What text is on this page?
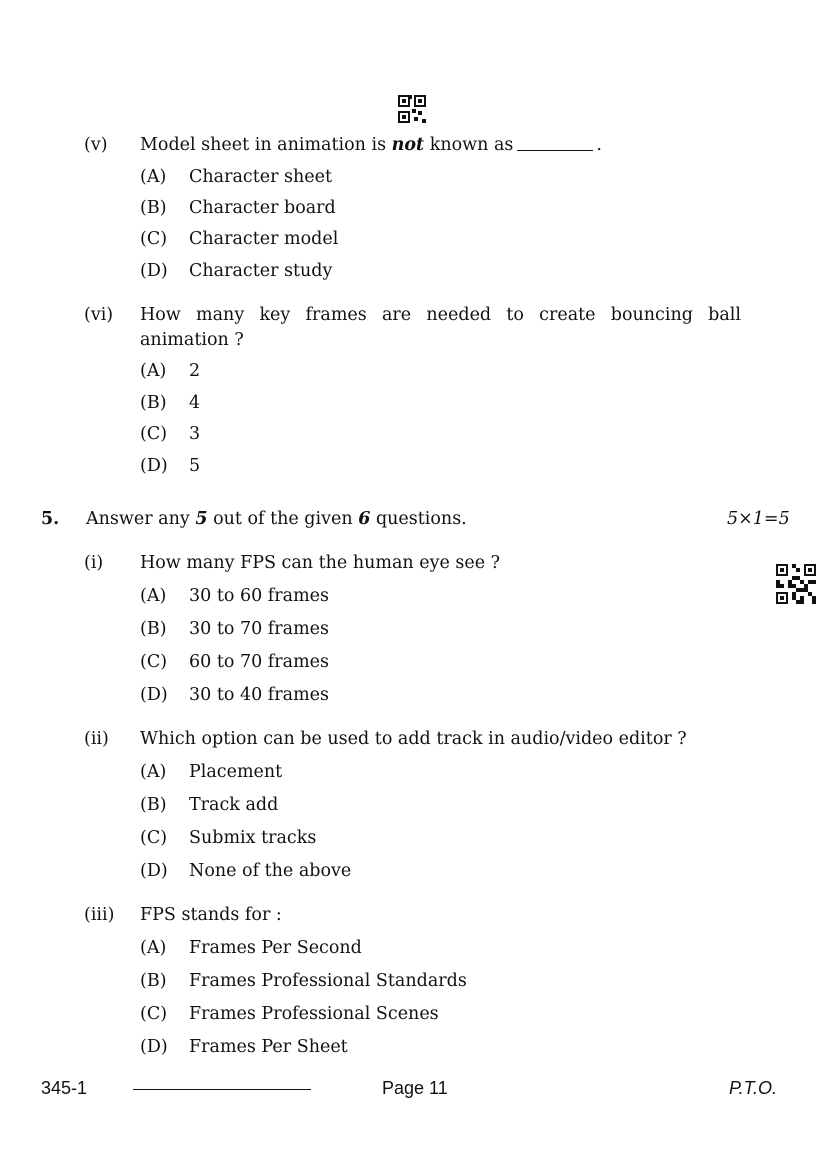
(v) Model sheet in animation is not known as	.
(A) Character sheet
(B) Character board
(C) Character model
(D) Character study
(vi) How many key frames are needed to create bouncing ball
animation ?
(A) 2
(B) 4
(C) 3
(D) 5
5. Answer any 5 out of the given 6 questions.	5×1=5
(i) How many FPS can the human eye see ?
(A) 30 to 60 frames
(B) 30 to 70 frames
(C) 60 to 70 frames
(D) 30 to 40 frames
(ii) Which option can be used to add track in audio/video editor ?
(A) Placement
(B) Track add
(C) Submix tracks
(D) None of the above
(iii) FPS stands for :
(A) Frames Per Second
(B) Frames Professional Standards
(C) Frames Professional Scenes
(D) Frames Per Sheet
345-1	Page 11	P.T.O.
